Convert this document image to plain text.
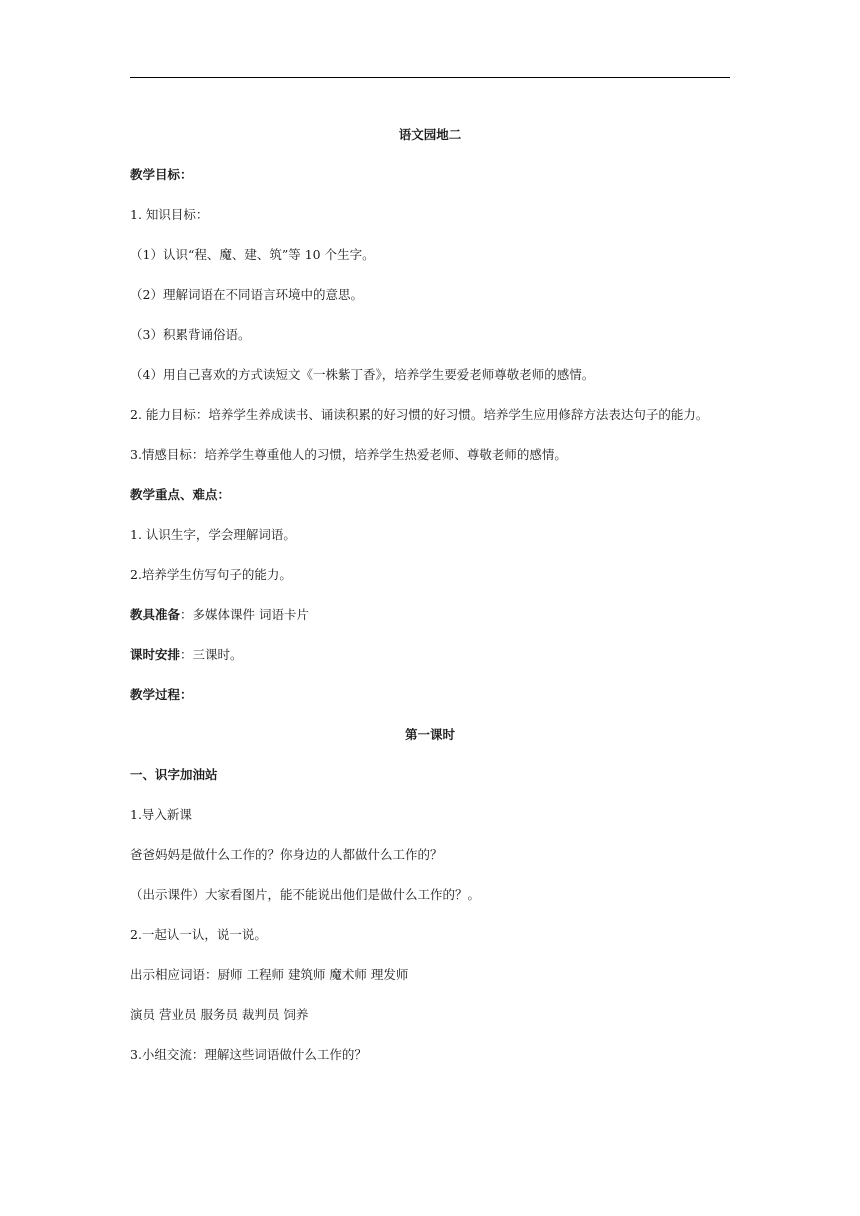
语文园地二

教学目标：

1. 知识目标：

（1）认识“程、魔、建、筑”等 10 个生字。

（2）理解词语在不同语言环境中的意思。

（3）积累背诵俗语。

（4）用自己喜欢的方式读短文《一株紫丁香》，培养学生要爱老师尊敬老师的感情。

2. 能力目标：培养学生养成读书、诵读积累的好习惯的好习惯。培养学生应用修辞方法表达句子的能力。

3.情感目标：培养学生尊重他人的习惯，培养学生热爱老师、尊敬老师的感情。

教学重点、难点：

1. 认识生字，学会理解词语。

2.培养学生仿写句子的能力。

教具准备：多媒体课件 词语卡片

课时安排：三课时。

教学过程：

第一课时

一、识字加油站

1.导入新课

爸爸妈妈是做什么工作的？你身边的人都做什么工作的？

（出示课件）大家看图片，能不能说出他们是做什么工作的？。

2.一起认一认，说一说。

出示相应词语：厨师 工程师 建筑师 魔术师 理发师

演员 营业员 服务员 裁判员 饲养

3.小组交流：理解这些词语做什么工作的？
